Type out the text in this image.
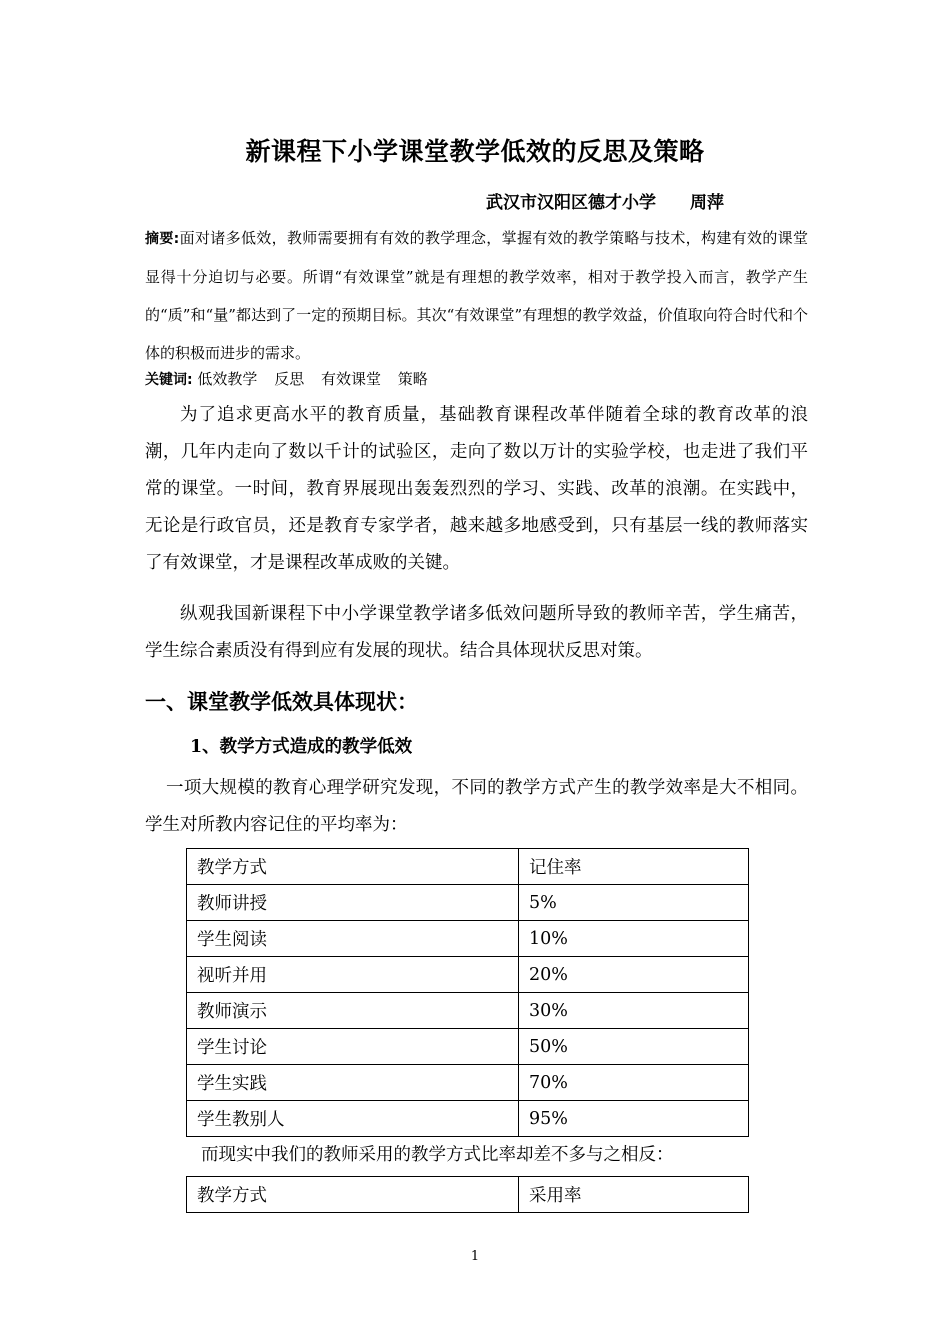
新课程下小学课堂教学低效的反思及策略
武汉市汉阳区德才小学 周萍
摘要:面对诸多低效，教师需要拥有有效的教学理念，掌握有效的教学策略与技术，构建有效的课堂显得十分迫切与必要。所谓“有效课堂”就是有理想的教学效率，相对于教学投入而言，教学产生的“质”和“量”都达到了一定的预期目标。其次“有效课堂”有理想的教学效益，价值取向符合时代和个体的积极而进步的需求。
关键词: 低效教学 反思 有效课堂 策略

为了追求更高水平的教育质量，基础教育课程改革伴随着全球的教育改革的浪潮，几年内走向了数以千计的试验区，走向了数以万计的实验学校，也走进了我们平常的课堂。一时间，教育界展现出轰轰烈烈的学习、实践、改革的浪潮。在实践中，无论是行政官员，还是教育专家学者，越来越多地感受到，只有基层一线的教师落实了有效课堂，才是课程改革成败的关键。

纵观我国新课程下中小学课堂教学诸多低效问题所导致的教师辛苦，学生痛苦，学生综合素质没有得到应有发展的现状。结合具体现状反思对策。

一、课堂教学低效具体现状：
1、教学方式造成的教学低效

一项大规模的教育心理学研究发现，不同的教学方式产生的教学效率是大不相同。学生对所教内容记住的平均率为：

教学方式	记住率
教师讲授	5%
学生阅读	10%
视听并用	20%
教师演示	30%
学生讨论	50%
学生实践	70%
学生教别人	95%
而现实中我们的教师采用的教学方式比率却差不多与之相反：
教学方式	采用率
1
